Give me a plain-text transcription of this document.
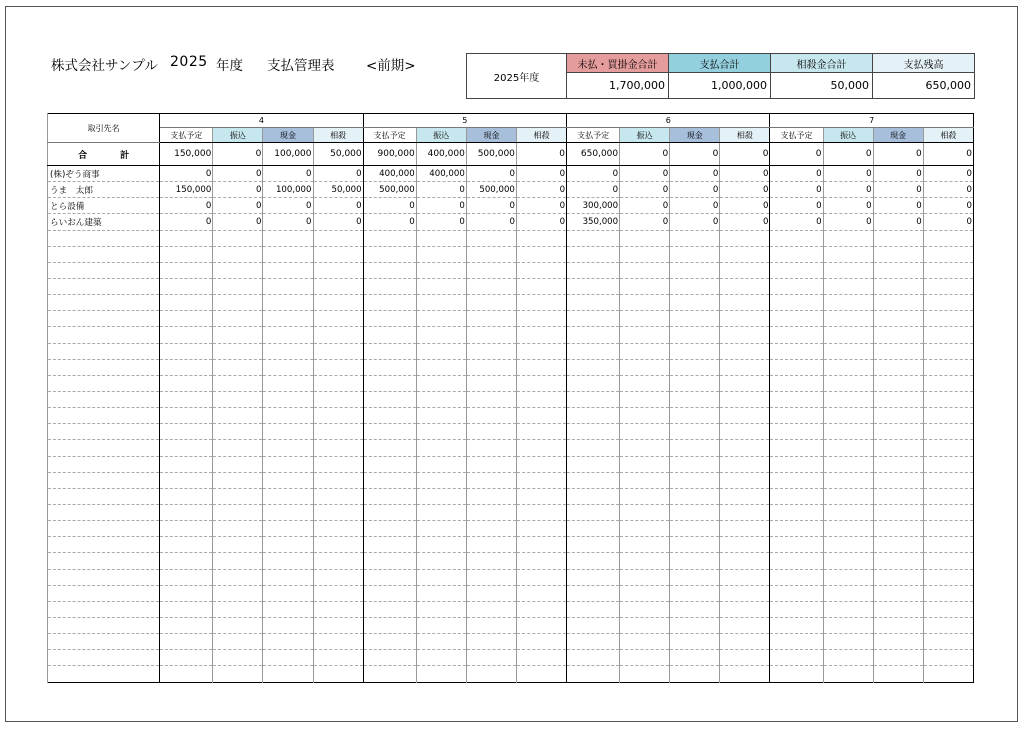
株式会社サンプル 2025 年度 支払管理表 <前期>
2025年度	未払・買掛金合計	支払合計	相殺金合計	支払残高
	1,700,000	1,000,000	50,000	650,000
取引先名	4				5				6				7			
	支払予定	振込	現金	相殺	支払予定	振込	現金	相殺	支払予定	振込	現金	相殺	支払予定	振込	現金	相殺
合　計	150,000	0	100,000	50,000	900,000	400,000	500,000	0	650,000	0	0	0	0	0	0	0
(株)ぞう商事	0	0	0	0	400,000	400,000	0	0	0	0	0	0	0	0	0	0
うま　太郎	150,000	0	100,000	50,000	500,000	0	500,000	0	0	0	0	0	0	0	0	0
とら設備	0	0	0	0	0	0	0	0	300,000	0	0	0	0	0	0	0
らいおん建築	0	0	0	0	0	0	0	0	350,000	0	0	0	0	0	0	0
